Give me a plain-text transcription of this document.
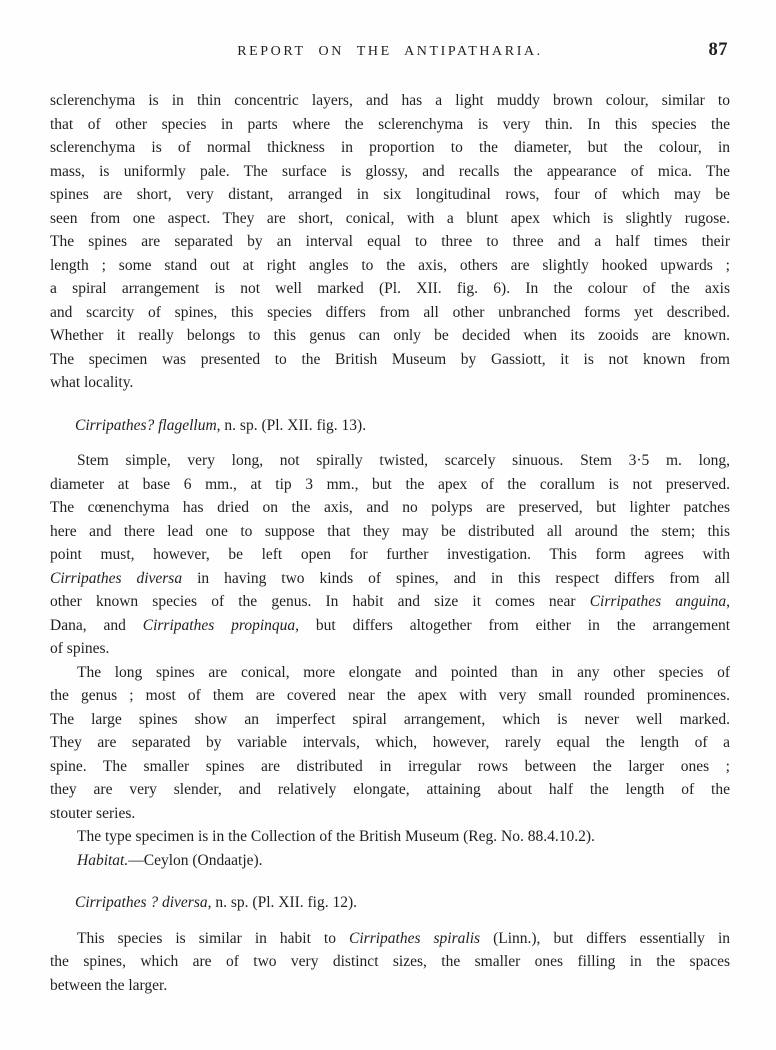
REPORT ON THE ANTIPATHARIA.	87
sclerenchyma is in thin concentric layers, and has a light muddy brown colour, similar to
that of other species in parts where the sclerenchyma is very thin. In this species the
sclerenchyma is of normal thickness in proportion to the diameter, but the colour, in
mass, is uniformly pale. The surface is glossy, and recalls the appearance of mica. The
spines are short, very distant, arranged in six longitudinal rows, four of which may be
seen from one aspect. They are short, conical, with a blunt apex which is slightly rugose.
The spines are separated by an interval equal to three to three and a half times their
length ; some stand out at right angles to the axis, others are slightly hooked upwards ;
a spiral arrangement is not well marked (Pl. XII. fig. 6). In the colour of the axis
and scarcity of spines, this species differs from all other unbranched forms yet described.
Whether it really belongs to this genus can only be decided when its zooids are known.
The specimen was presented to the British Museum by Gassiott, it is not known from
what locality.
Cirripathes? flagellum, n. sp. (Pl. XII. fig. 13).
Stem simple, very long, not spirally twisted, scarcely sinuous. Stem 3·5 m. long,
diameter at base 6 mm., at tip 3 mm., but the apex of the corallum is not preserved.
The cœnenchyma has dried on the axis, and no polyps are preserved, but lighter patches
here and there lead one to suppose that they may be distributed all around the stem; this
point must, however, be left open for further investigation. This form agrees with
Cirripathes diversa in having two kinds of spines, and in this respect differs from all
other known species of the genus. In habit and size it comes near Cirripathes anguina,
Dana, and Cirripathes propinqua, but differs altogether from either in the arrangement
of spines.
The long spines are conical, more elongate and pointed than in any other species of
the genus ; most of them are covered near the apex with very small rounded prominences.
The large spines show an imperfect spiral arrangement, which is never well marked.
They are separated by variable intervals, which, however, rarely equal the length of a
spine. The smaller spines are distributed in irregular rows between the larger ones ;
they are very slender, and relatively elongate, attaining about half the length of the
stouter series.
The type specimen is in the Collection of the British Museum (Reg. No. 88.4.10.2).
Habitat.—Ceylon (Ondaatje).
Cirripathes ? diversa, n. sp. (Pl. XII. fig. 12).
This species is similar in habit to Cirripathes spiralis (Linn.), but differs essentially in
the spines, which are of two very distinct sizes, the smaller ones filling in the spaces
between the larger.
